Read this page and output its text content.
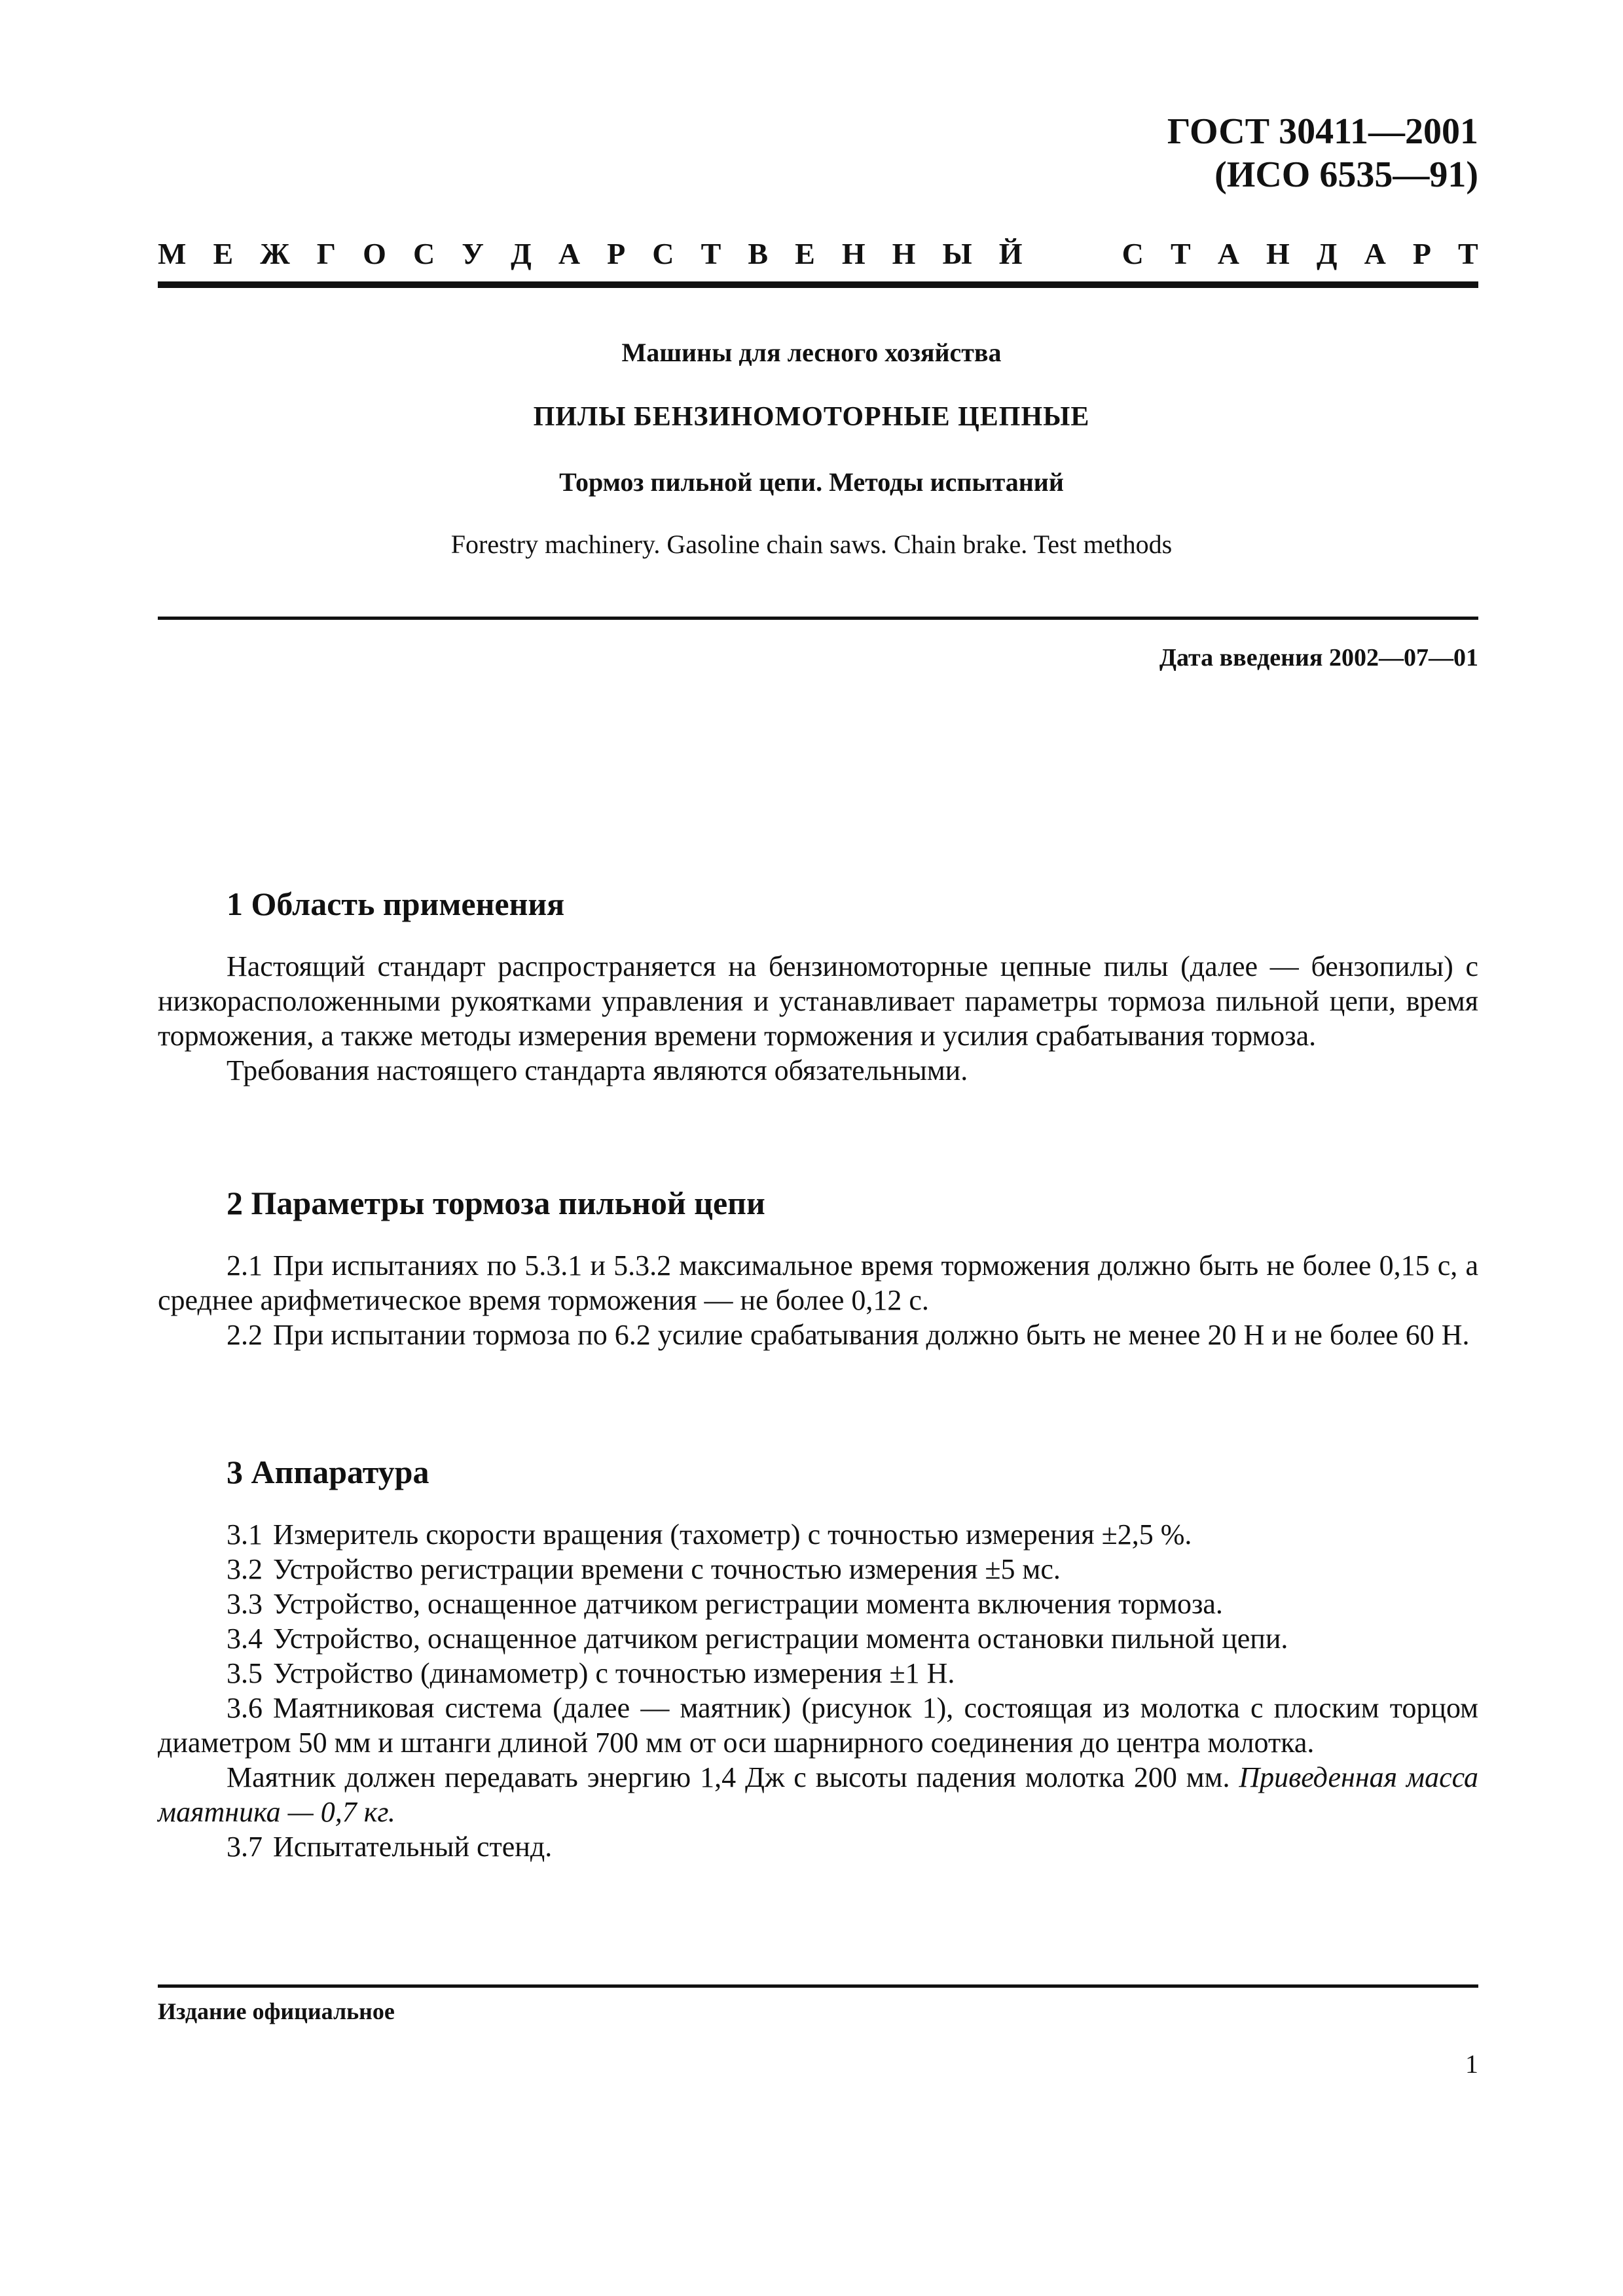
ГОСТ 30411—2001
(ИСО 6535—91)
М Е Ж Г О С У Д А Р С Т В Е Н Н Ы Й	С Т А Н Д А Р Т
Машины для лесного хозяйства
ПИЛЫ БЕНЗИНОМОТОРНЫЕ ЦЕПНЫЕ
Тормоз пильной цепи. Методы испытаний
Forestry machinery. Gasoline chain saws. Chain brake. Test methods
Дата введения 2002—07—01
1 Область применения

Настоящий стандарт распространяется на бензиномоторные цепные пилы (далее — бензопилы) с низкорасположенными рукоятками управления и устанавливает параметры тормоза пильной цепи, время торможения, а также методы измерения времени торможения и усилия срабатывания тормоза.

Требования настоящего стандарта являются обязательными.

2 Параметры тормоза пильной цепи

2.1 При испытаниях по 5.3.1 и 5.3.2 максимальное время торможения должно быть не более 0,15 с, а среднее арифметическое время торможения — не более 0,12 с.

2.2 При испытании тормоза по 6.2 усилие срабатывания должно быть не менее 20 Н и не более 60 Н.

3 Аппаратура

3.1 Измеритель скорости вращения (тахометр) с точностью измерения ±2,5 %.

3.2 Устройство регистрации времени с точностью измерения ±5 мс.

3.3 Устройство, оснащенное датчиком регистрации момента включения тормоза.

3.4 Устройство, оснащенное датчиком регистрации момента остановки пильной цепи.

3.5 Устройство (динамометр) с точностью измерения ±1 Н.

3.6 Маятниковая система (далее — маятник) (рисунок 1), состоящая из молотка с плоским торцом диаметром 50 мм и штанги длиной 700 мм от оси шарнирного соединения до центра молотка.

Маятник должен передавать энергию 1,4 Дж с высоты падения молотка 200 мм. Приведенная масса маятника — 0,7 кг.

3.7 Испытательный стенд.

Издание официальное
1
